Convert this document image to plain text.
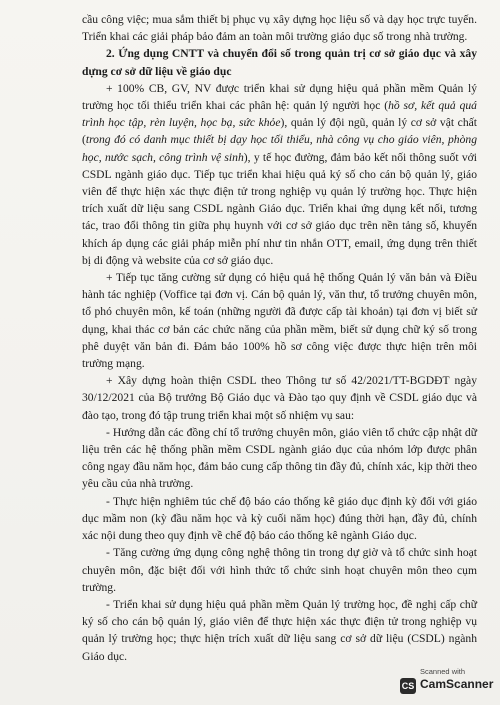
cầu công việc; mua sắm thiết bị phục vụ xây dựng học liệu số và dạy học trực tuyến. Triển khai các giải pháp bảo đảm an toàn môi trường giáo dục số trong nhà trường.

2. Ứng dụng CNTT và chuyển đổi số trong quản trị cơ sở giáo dục và xây dựng cơ sở dữ liệu về giáo dục

+ 100% CB, GV, NV được triển khai sử dụng hiệu quả phần mềm Quản lý trường học tối thiểu triển khai các phân hệ: quản lý người học (hồ sơ, kết quả quá trình học tập, rèn luyện, học bạ, sức khỏe), quản lý đội ngũ, quản lý cơ sở vật chất (trong đó có danh mục thiết bị dạy học tối thiểu, nhà công vụ cho giáo viên, phòng học, nước sạch, công trình vệ sinh), y tế học đường, đảm bảo kết nối thông suốt với CSDL ngành giáo dục. Tiếp tục triển khai hiệu quả ký số cho cán bộ quản lý, giáo viên để thực hiện xác thực điện tử trong nghiệp vụ quản lý trường học. Thực hiện trích xuất dữ liệu sang CSDL ngành Giáo dục. Triển khai ứng dụng kết nối, tương tác, trao đổi thông tin giữa phụ huynh với cơ sở giáo dục trên nền tảng số, khuyến khích áp dụng các giải pháp miễn phí như tin nhắn OTT, email, ứng dụng trên thiết bị di động và website của cơ sở giáo dục.

+ Tiếp tục tăng cường sử dụng có hiệu quả hệ thống Quản lý văn bản và Điều hành tác nghiệp (Voffice tại đơn vị. Cán bộ quản lý, văn thư, tổ trưởng chuyên môn, tổ phó chuyên môn, kế toán (những người đã được cấp tài khoản) tại đơn vị biết sử dụng, khai thác cơ bản các chức năng của phần mềm, biết sử dụng chữ ký số trong phê duyệt văn bản đi. Đảm bảo 100% hồ sơ công việc được thực hiện trên môi trường mạng.

+ Xây dựng hoàn thiện CSDL theo Thông tư số 42/2021/TT-BGDĐT ngày 30/12/2021 của Bộ trưởng Bộ Giáo dục và Đào tạo quy định về CSDL giáo dục và đào tạo, trong đó tập trung triển khai một số nhiệm vụ sau:

- Hướng dẫn các đồng chí tổ trưởng chuyên môn, giáo viên tổ chức cập nhật dữ liệu trên các hệ thống phần mềm CSDL ngành giáo dục của nhóm lớp được phân công ngay đầu năm học, đảm bảo cung cấp thông tin đầy đủ, chính xác, kịp thời theo yêu cầu của nhà trường.

- Thực hiện nghiêm túc chế độ báo cáo thống kê giáo dục định kỳ đối với giáo dục mầm non (kỳ đầu năm học và kỳ cuối năm học) đúng thời hạn, đầy đủ, chính xác nội dung theo quy định về chế độ báo cáo thống kê ngành Giáo dục.

- Tăng cường ứng dụng công nghệ thông tin trong dự giờ và tổ chức sinh hoạt chuyên môn, đặc biệt đối với hình thức tổ chức sinh hoạt chuyên môn theo cụm trường.

- Triển khai sử dụng hiệu quả phần mềm Quản lý trường học, đề nghị cấp chữ ký số cho cán bộ quản lý, giáo viên để thực hiện xác thực điện tử trong nghiệp vụ quản lý trường học; thực hiện trích xuất dữ liệu sang cơ sở dữ liệu (CSDL) ngành Giáo dục.

Scanned with
CS CamScanner
